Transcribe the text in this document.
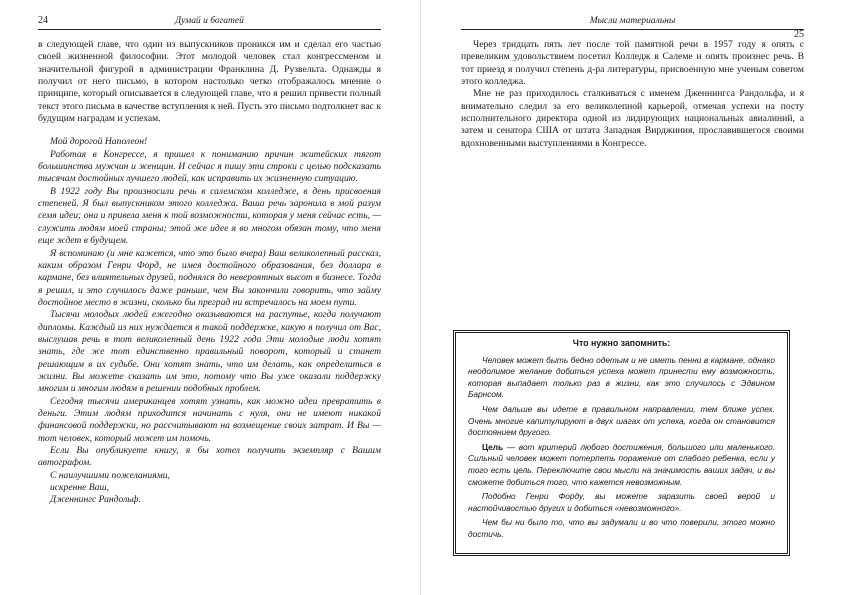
24	Думай и богатей

в следующей главе, что один из выпускников проникся им и сделал его частью своей жизненной философии. Этот молодой человек стал конгрессменом и значительной фигурой в администрации Франклина Д. Рузвельта. Однажды я получил от него письмо, в котором настолько четко отображалось мнение о принципе, который описывается в следующей главе, что я решил привести полный текст этого письма в качестве вступления к ней. Пусть это письмо подтолкнет вас к будущим наградам и успехам.

Мой дорогой Наполеон!

Работая в Конгрессе, я пришел к пониманию причин житейских тягот большинства мужчин и женщин. И сейчас я пишу эти строки с целью подсказать тысячам достойных лучшего людей, как исправить их жизненную ситуацию.

В 1922 году Вы произносили речь в салемском колледже, в день присвоения степеней. Я был выпускником этого колледжа. Ваша речь заронила в мой разум семя идеи; она и привела меня к той возможности, которая у меня сейчас есть, — служить людям моей страны; этой же идее я во многом обязан тому, что меня еще ждет в будущем.

Я вспоминаю (и мне кажется, что это было вчера) Ваш великолепный рассказ, каким образом Генри Форд, не имея достойного образования, без доллара в кармане, без влиятельных друзей, поднялся до невероятных высот в бизнесе. Тогда я решил, и это случилось даже раньше, чем Вы закончили говорить, что займу достойное место в жизни, сколько бы преград ни встречалось на моем пути.

Тысячи молодых людей ежегодно оказываются на распутье, когда получают дипломы. Каждый из них нуждается в такой поддержке, какую я получил от Вас, выслушав речь в тот великолепный день 1922 года Эти молодые люди хотят знать, где же тот единственно правильный поворот, который и станет решающим в их судьбе. Они хотят знать, что им делать, как определиться в жизни. Вы можете сказать им это, потому что Вы уже оказали поддержку многим и многим людям в решении подобных проблем.

Сегодня тысячи американцев хотят узнать, как можно идеи превратить в деньги. Этим людям приходится начинать с нуля, они не имеют никакой финансовой поддержки, но рассчитывают на возмещение своих затрат. И Вы — тот человек, который может им помочь.

Если Вы опубликуете книгу, я бы хотел получить экземпляр с Вашим автографом.

С наилучшими пожеланиями,

искренне Ваш,

Дженнингс Рандольф.

Мысли материальны
25

Через тридцать пять лет после той памятной речи в 1957 году я опять с превеликим удовольствием посетил Колледж в Салеме и опять произнес речь. В тот приезд я получил степень д-ра литературы, присвоенную мне ученым советом этого колледжа.

Мне не раз приходилось сталкиваться с именем Дженнингса Рандольфа, и я внимательно следил за его великолепной карьерой, отмечая успехи на посту исполнительного директора одной из лидирующих национальных авиалиний, а затем и сенатора США от штата Западная Вирджиния, прославившегося своими вдохновенными выступлениями в Конгрессе.

Что нужно запомнить:

Человек может быть бедно одетым и не иметь пенни в кармане, однако неодолимое желание добиться успеха может принести ему возможность, которая выпадает только раз в жизни, как это случилось с Эдвином Барнсом.

Чем дальше вы идете в правильном направлении, тем ближе успех. Очень многие капитулируют в двух шагах от успеха, когда он становится достоянием другого.

Цель — вот критерий любого достижения, большого или маленького. Сильный человек может потерпеть поражение от слабого ребенка, если у того есть цель. Переключите свои мысли на значимость ваших задач, и вы сможете добиться того, что кажется невозможным.

Подобно Генри Форду, вы можете заразить своей верой и настойчивостью других и добиться «невозможного».

Чем бы ни было то, что вы задумали и во что поверили, этого можно достичь.
